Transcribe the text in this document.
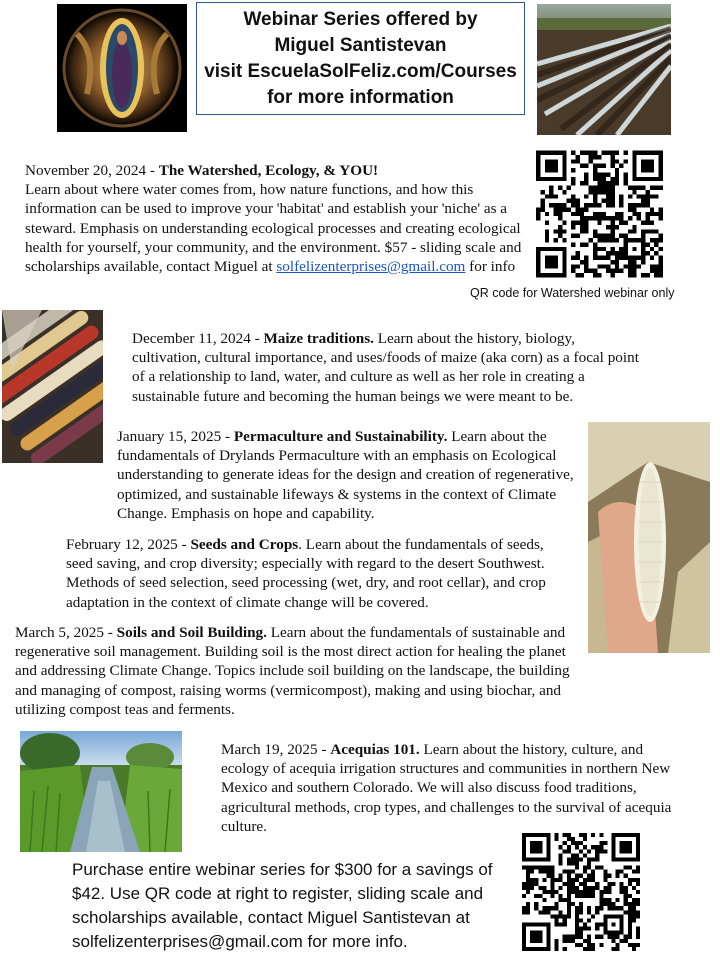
Webinar Series offered by
Miguel Santistevan
visit EscuelaSolFeliz.com/Courses
for more information
November 20, 2024 - The Watershed, Ecology, & YOU!
Learn about where water comes from, how nature functions, and how this information can be used to improve your 'habitat' and establish your 'niche' as a steward. Emphasis on understanding ecological processes and creating ecological health for yourself, your community, and the environment. $57 - sliding scale and scholarships available, contact Miguel at solfelizenterprises@gmail.com for info
QR code for Watershed webinar only
December 11, 2024 - Maize traditions. Learn about the history, biology, cultivation, cultural importance, and uses/foods of maize (aka corn) as a focal point of a relationship to land, water, and culture as well as her role in creating a sustainable future and becoming the human beings we were meant to be.
January 15, 2025 - Permaculture and Sustainability. Learn about the fundamentals of Drylands Permaculture with an emphasis on Ecological understanding to generate ideas for the design and creation of regenerative, optimized, and sustainable lifeways & systems in the context of Climate Change. Emphasis on hope and capability.
February 12, 2025 - Seeds and Crops. Learn about the fundamentals of seeds, seed saving, and crop diversity; especially with regard to the desert Southwest. Methods of seed selection, seed processing (wet, dry, and root cellar), and crop adaptation in the context of climate change will be covered.
March 5, 2025 - Soils and Soil Building. Learn about the fundamentals of sustainable and regenerative soil management. Building soil is the most direct action for healing the planet and addressing Climate Change. Topics include soil building on the landscape, the building and managing of compost, raising worms (vermicompost), making and using biochar, and utilizing compost teas and ferments.
March 19, 2025 - Acequias 101. Learn about the history, culture, and ecology of acequia irrigation structures and communities in northern New Mexico and southern Colorado. We will also discuss food traditions, agricultural methods, crop types, and challenges to the survival of acequia culture.
Purchase entire webinar series for $300 for a savings of $42. Use QR code at right to register, sliding scale and scholarships available, contact Miguel Santistevan at solfelizenterprises@gmail.com for more info.
